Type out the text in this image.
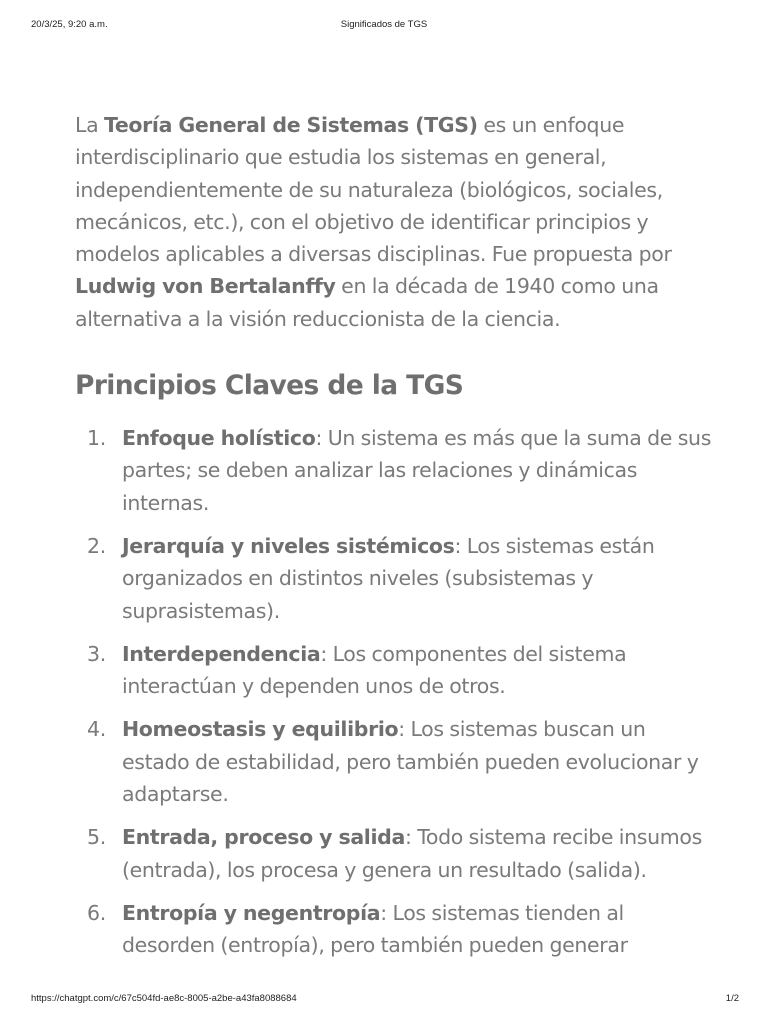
20/3/25, 9:20 a.m.	Significados de TGS

La Teoría General de Sistemas (TGS) es un enfoque interdisciplinario que estudia los sistemas en general, independientemente de su naturaleza (biológicos, sociales, mecánicos, etc.), con el objetivo de identificar principios y modelos aplicables a diversas disciplinas. Fue propuesta por Ludwig von Bertalanffy en la década de 1940 como una alternativa a la visión reduccionista de la ciencia.

Principios Claves de la TGS
1. Enfoque holístico: Un sistema es más que la suma de sus partes; se deben analizar las relaciones y dinámicas internas.
2. Jerarquía y niveles sistémicos: Los sistemas están organizados en distintos niveles (subsistemas y suprasistemas).
3. Interdependencia: Los componentes del sistema interactúan y dependen unos de otros.
4. Homeostasis y equilibrio: Los sistemas buscan un estado de estabilidad, pero también pueden evolucionar y adaptarse.
5. Entrada, proceso y salida: Todo sistema recibe insumos (entrada), los procesa y genera un resultado (salida).
6. Entropía y negentropía: Los sistemas tienden al desorden (entropía), pero también pueden generar
https://chatgpt.com/c/67c504fd-ae8c-8005-a2be-a43fa8088684	1/2
